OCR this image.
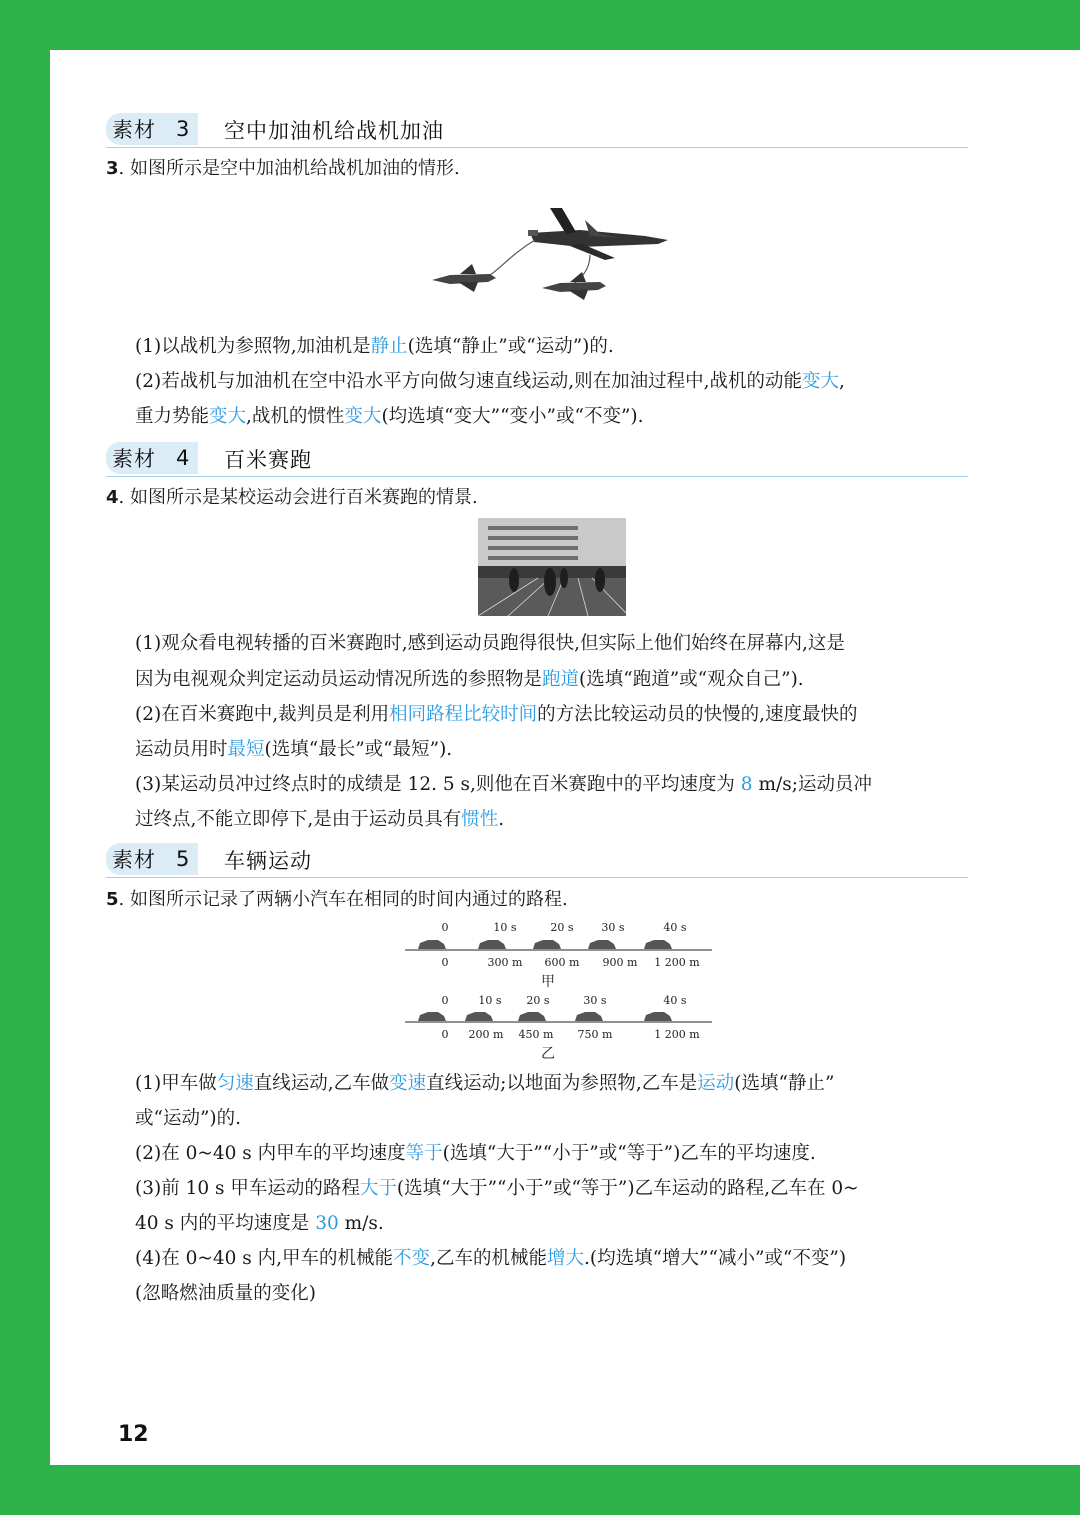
素材 3 空中加油机给战机加油
3. 如图所示是空中加油机给战机加油的情形.
(1)以战机为参照物,加油机是静止(选填“静止”或“运动”)的.
(2)若战机与加油机在空中沿水平方向做匀速直线运动,则在加油过程中,战机的动能变大,
重力势能变大,战机的惯性变大(均选填“变大”“变小”或“不变”).
素材 4 百米赛跑
4. 如图所示是某校运动会进行百米赛跑的情景.
(1)观众看电视转播的百米赛跑时,感到运动员跑得很快,但实际上他们始终在屏幕内,这是
因为电视观众判定运动员运动情况所选的参照物是跑道(选填“跑道”或“观众自己”).
(2)在百米赛跑中,裁判员是利用相同路程比较时间的方法比较运动员的快慢的,速度最快的
运动员用时最短(选填“最长”或“最短”).
(3)某运动员冲过终点时的成绩是 12. 5 s,则他在百米赛跑中的平均速度为 8 m/s;运动员冲
过终点,不能立即停下,是由于运动员具有惯性.
素材 5 车辆运动
5. 如图所示记录了两辆小汽车在相同的时间内通过的路程.
0	10 s	20 s	30 s	40 s
0	300 m 600 m 900 m 1 200 m
甲
0	10 s 20 s	30 s	40 s
0 200 m 450 m 750 m	1 200 m
乙
(1)甲车做匀速直线运动,乙车做变速直线运动;以地面为参照物,乙车是运动(选填“静止”
或“运动”)的.
(2)在 0~40 s 内甲车的平均速度等于(选填“大于”“小于”或“等于”)乙车的平均速度.
(3)前 10 s 甲车运动的路程大于(选填“大于”“小于”或“等于”)乙车运动的路程,乙车在 0~
40 s 内的平均速度是 30 m/s.
(4)在 0~40 s 内,甲车的机械能不变,乙车的机械能增大.(均选填“增大”“减小”或“不变”)
(忽略燃油质量的变化)
12
